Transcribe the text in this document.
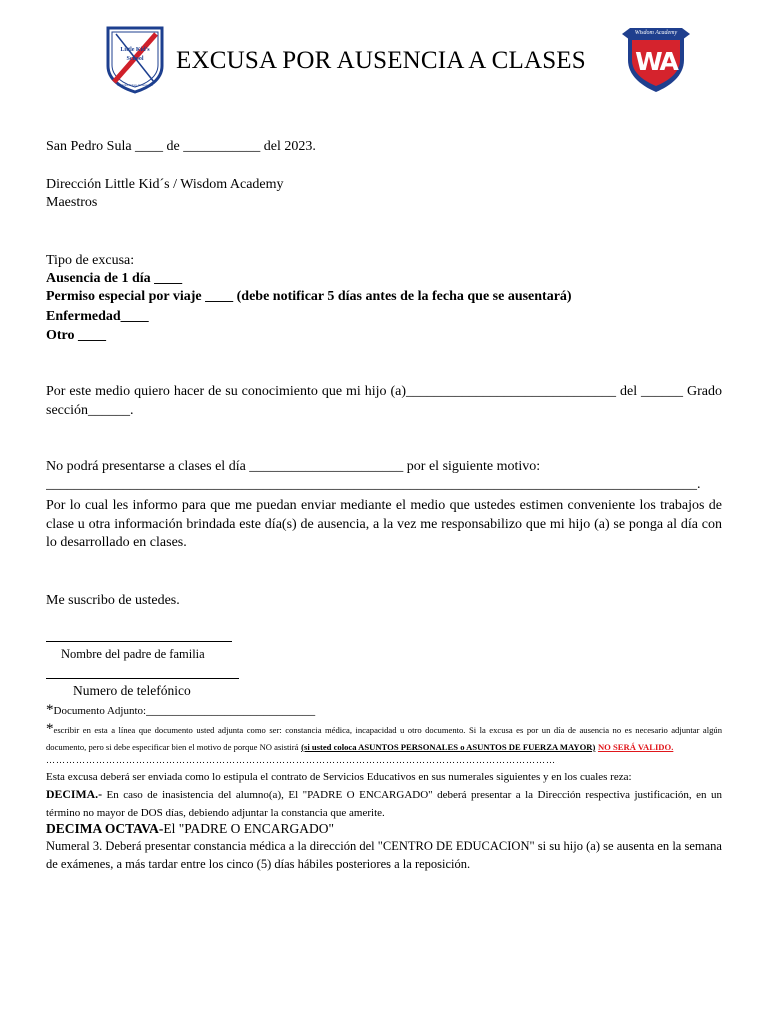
Little Kid's School
Disciplina, Trabajo, Perseverancia
EXCUSA POR AUSENCIA A CLASES
Wisdom Academy
WA
San Pedro Sula ____ de ___________ del 2023.
Dirección Little Kid´s / Wisdom Academy
Maestros
Tipo de excusa:
Ausencia de 1 día ____
Permiso especial por viaje ____ (debe notificar 5 días antes de la fecha que se ausentará)
Enfermedad____
Otro ____
Por este medio quiero hacer de su conocimiento que mi hijo (a)______________________________ del ______ Grado
sección______.
No podrá presentarse a clases el día ______________________ por el siguiente motivo:
_____________________________________________________________________________________________.
Por lo cual les informo para que me puedan enviar mediante el medio que ustedes estimen conveniente los trabajos de clase u otra información brindada este día(s) de ausencia, a la vez me responsabilizo que mi hijo (a) se ponga al día con lo desarrollado en clases.
Me suscribo de ustedes.
Nombre del padre de familia
Numero de telefónico
*Documento Adjunto:__________________________
*escribir en esta a línea que documento usted adjunta como ser: constancia médica, incapacidad u otro documento. Si la excusa es por un día de ausencia no es necesario adjuntar algún documento, pero si debe especificar bien el motivo de porque NO asistirá (si usted coloca ASUNTOS PERSONALES o ASUNTOS DE FUERZA MAYOR) NO SERÁ VALIDO.
………………………………………………………………………………………………………………………………………
Esta excusa deberá ser enviada como lo estipula el contrato de Servicios Educativos en sus numerales siguientes y en los cuales reza:
DECIMA.- En caso de inasistencia del alumno(a), El "PADRE O ENCARGADO" deberá presentar a la Dirección respectiva justificación, en un término no mayor de DOS días, debiendo adjuntar la constancia que amerite.
DECIMA OCTAVA-El "PADRE O ENCARGADO"
Numeral 3. Deberá presentar constancia médica a la dirección del "CENTRO DE EDUCACION" si su hijo (a) se ausenta en la semana de exámenes, a más tardar entre los cinco (5) días hábiles posteriores a la reposición.
